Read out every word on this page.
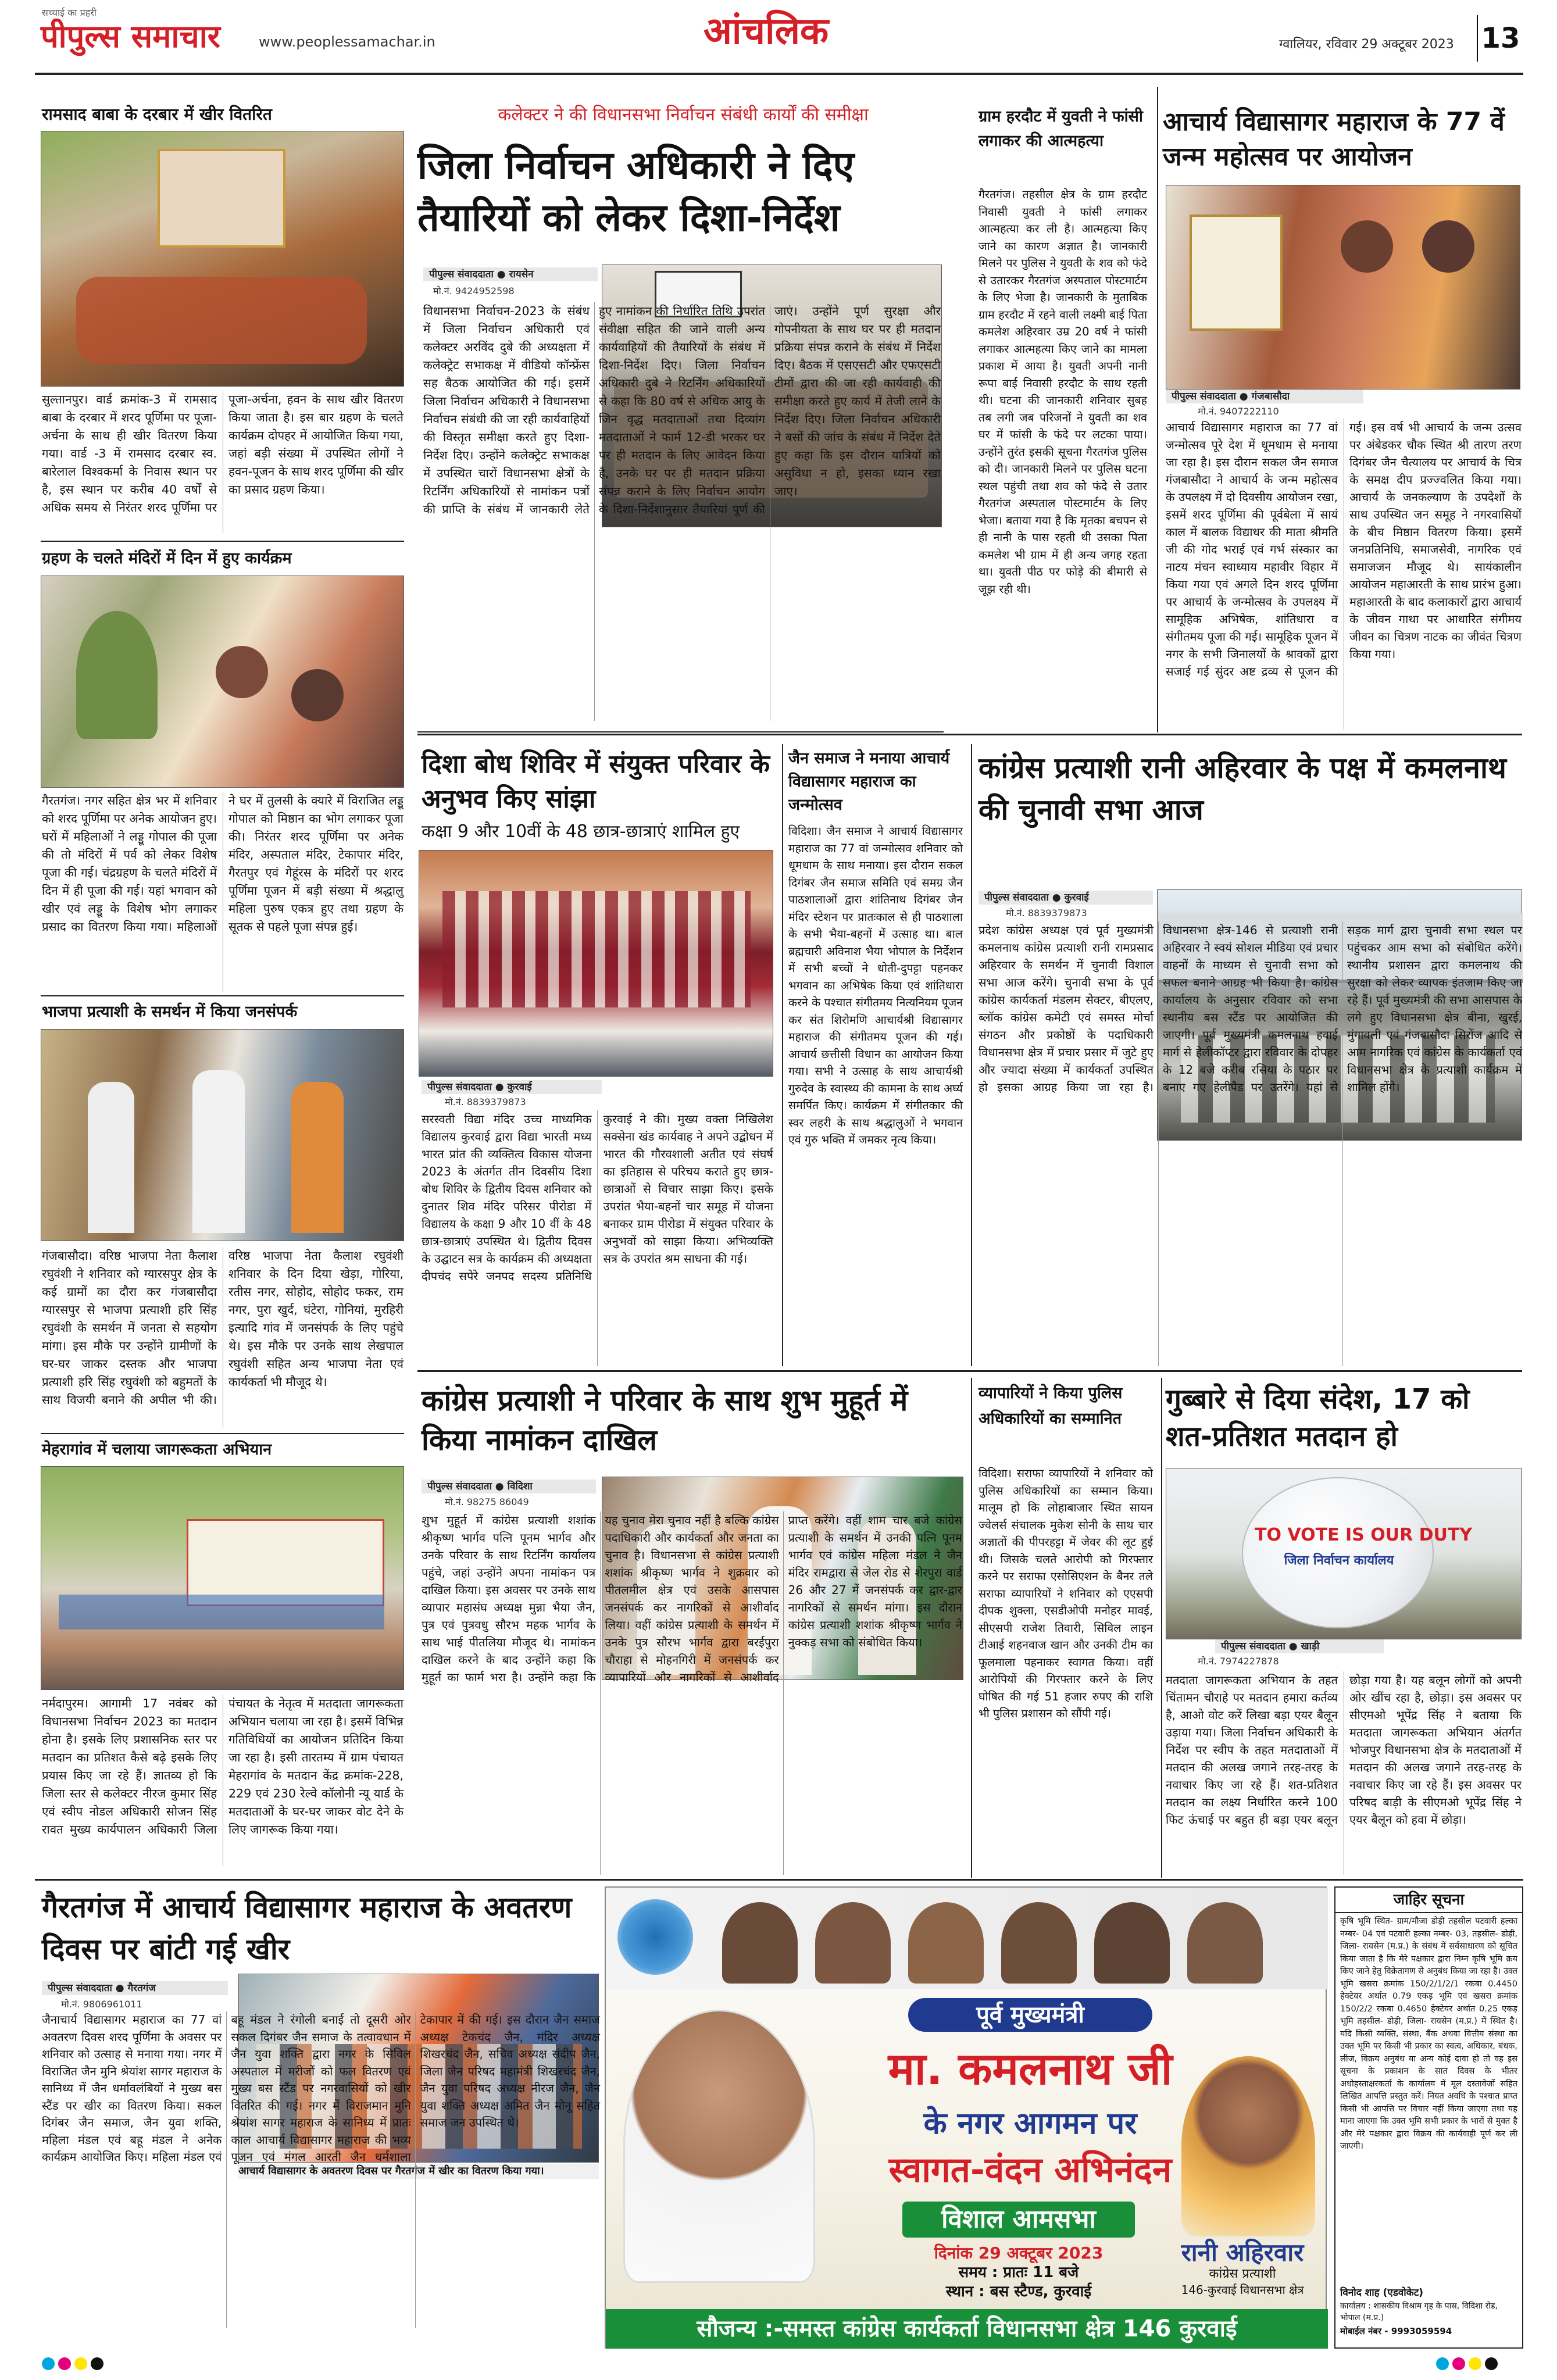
सच्चाई का प्रहरी
पीपुल्स समाचार	www.peoplessamachar.in	आंचलिक	ग्वालियर, रविवार 29 अक्टूबर 2023 13
रामसाद बाबा के दरबार में खीर वितरित
सुल्तानपुर। वार्ड क्रमांक-3 में रामसाद बाबा के दरबार में शरद पूर्णिमा पर पूजा-अर्चना के साथ ही खीर वितरण किया गया। वार्ड -3 में रामसाद दरबार स्व. बारेलाल विश्वकर्मा के निवास स्थान पर है, इस स्थान पर करीब 40 वर्षों से अधिक समय से निरंतर शरद पूर्णिमा पर पूजा-अर्चना, हवन के साथ खीर वितरण किया जाता है। इस बार ग्रहण के चलते कार्यक्रम दोपहर में आयोजित किया गया, जहां बड़ी संख्या में उपस्थित लोगों ने हवन-पूजन के साथ शरद पूर्णिमा की खीर का प्रसाद ग्रहण किया।
ग्रहण के चलते मंदिरों में दिन में हुए कार्यक्रम
गैरतगंज। नगर सहित क्षेत्र भर में शनिवार को शरद पूर्णिमा पर अनेक आयोजन हुए। घरों में महिलाओं ने लड्डू गोपाल की पूजा की तो मंदिरों में पर्व को लेकर विशेष पूजा की गई। चंद्रग्रहण के चलते मंदिरों में दिन में ही पूजा की गई। यहां भगवान को खीर एवं लड्डू के विशेष भोग लगाकर प्रसाद का वितरण किया गया। महिलाओं ने घर में तुलसी के क्यारे में विराजित लड्डू गोपाल को मिष्ठान का भोग लगाकर पूजा की। निरंतर शरद पूर्णिमा पर अनेक मंदिर, अस्पताल मंदिर, टेकापार मंदिर, गैरतपुर एवं गेहूंरस के मंदिरों पर शरद पूर्णिमा पूजन में बड़ी संख्या में श्रद्धालु महिला पुरुष एकत्र हुए तथा ग्रहण के सूतक से पहले पूजा संपन्न हुई।
भाजपा प्रत्याशी के समर्थन में किया जनसंपर्क
गंजबासौदा। वरिष्ठ भाजपा नेता कैलाश रघुवंशी ने शनिवार को ग्यारसपुर क्षेत्र के कई ग्रामों का दौरा कर गंजबासौदा ग्यारसपुर से भाजपा प्रत्याशी हरि सिंह रघुवंशी के समर्थन में जनता से सहयोग मांगा। इस मौके पर उन्होंने ग्रामीणों के घर-घर जाकर दस्तक और भाजपा प्रत्याशी हरि सिंह रघुवंशी को बहुमतों के साथ विजयी बनाने की अपील भी की। वरिष्ठ भाजपा नेता कैलाश रघुवंशी शनिवार के दिन दिया खेड़ा, गोरिया, रतीस नगर, सोहोद, सोहोद फकर, राम नगर, पुरा खुर्द, घंटेरा, गोनियां, मुरहिरी इत्यादि गांव में जनसंपर्क के लिए पहुंचे थे। इस मौके पर उनके साथ लेखपाल रघुवंशी सहित अन्य भाजपा नेता एवं कार्यकर्ता भी मौजूद थे।
मेहरागांव में चलाया जागरूकता अभियान
नर्मदापुरम। आगामी 17 नवंबर को विधानसभा निर्वाचन 2023 का मतदान होना है। इसके लिए प्रशासनिक स्तर पर मतदान का प्रतिशत कैसे बढ़े इसके लिए प्रयास किए जा रहे हैं। ज्ञातव्य हो कि जिला स्तर से कलेक्टर नीरज कुमार सिंह एवं स्वीप नोडल अधिकारी सोजन सिंह रावत मुख्य कार्यपालन अधिकारी जिला पंचायत के नेतृत्व में मतदाता जागरूकता अभियान चलाया जा रहा है। इसमें विभिन्न गतिविधियों का आयोजन प्रतिदिन किया जा रहा है। इसी तारतम्य में ग्राम पंचायत मेहरागांव के मतदान केंद्र क्रमांक-228, 229 एवं 230 रेल्वे कॉलोनी न्यू यार्ड के मतदाताओं के घर-घर जाकर वोट देने के लिए जागरूक किया गया।
कलेक्टर ने की विधानसभा निर्वाचन संबंधी कार्यों की समीक्षा
जिला निर्वाचन अधिकारी ने दिए तैयारियों को लेकर दिशा-निर्देश
पीपुल्स संवाददाता ● रायसेन
मो.नं. 9424952598
विधानसभा निर्वाचन-2023 के संबंध में जिला निर्वाचन अधिकारी एवं कलेक्टर अरविंद दुबे की अध्यक्षता में कलेक्ट्रेट सभाकक्ष में वीडियो कॉन्फ्रेंस सह बैठक आयोजित की गई। इसमें जिला निर्वाचन अधिकारी ने विधानसभा निर्वाचन संबंधी की जा रही कार्यवाहियों की विस्तृत समीक्षा करते हुए दिशा-निर्देश दिए। उन्होंने कलेक्ट्रेट सभाकक्ष में उपस्थित चारों विधानसभा क्षेत्रों के रिटर्निंग अधिकारियों से नामांकन पत्रों की प्राप्ति के संबंध में जानकारी लेते हुए नामांकन की निर्धारित तिथि उपरांत संवीक्षा सहित की जाने वाली अन्य कार्यवाहियों की तैयारियों के संबंध में दिशा-निर्देश दिए। जिला निर्वाचन अधिकारी दुबे ने रिटर्निंग अधिकारियों से कहा कि 80 वर्ष से अधिक आयु के जिन वृद्ध मतदाताओं तथा दिव्यांग मतदाताओं ने फार्म 12-डी भरकर घर पर ही मतदान के लिए आवेदन किया है, उनके घर पर ही मतदान प्रक्रिया संपन्न कराने के लिए निर्वाचन आयोग के दिशा-निर्देशानुसार तैयारियां पूर्ण की जाएं। उन्होंने पूर्ण सुरक्षा और गोपनीयता के साथ घर पर ही मतदान प्रक्रिया संपन्न कराने के संबंध में निर्देश दिए। बैठक में एसएसटी और एफएसटी टीमों द्वारा की जा रही कार्यवाही की समीक्षा करते हुए कार्य में तेजी लाने के निर्देश दिए। जिला निर्वाचन अधिकारी ने बसों की जांच के संबंध में निर्देश देते हुए कहा कि इस दौरान यात्रियों को असुविधा न हो, इसका ध्यान रखा जाए।
ग्राम हरदौट में युवती ने फांसी लगाकर की आत्महत्या
गैरतगंज। तहसील क्षेत्र के ग्राम हरदौट निवासी युवती ने फांसी लगाकर आत्महत्या कर ली है। आत्महत्या किए जाने का कारण अज्ञात है। जानकारी मिलने पर पुलिस ने युवती के शव को फंदे से उतारकर गैरतगंज अस्पताल पोस्टमार्टम के लिए भेजा है। जानकारी के मुताबिक ग्राम हरदौट में रहने वाली लक्ष्मी बाई पिता कमलेश अहिरवार उम्र 20 वर्ष ने फांसी लगाकर आत्महत्या किए जाने का मामला प्रकाश में आया है। युवती अपनी नानी रूपा बाई निवासी हरदौट के साथ रहती थी। घटना की जानकारी शनिवार सुबह तब लगी जब परिजनों ने युवती का शव घर में फांसी के फंदे पर लटका पाया। उन्होंने तुरंत इसकी सूचना गैरतगंज पुलिस को दी। जानकारी मिलने पर पुलिस घटना स्थल पहुंची तथा शव को फंदे से उतार गैरतगंज अस्पताल पोस्टमार्टम के लिए भेजा। बताया गया है कि मृतका बचपन से ही नानी के पास रहती थी उसका पिता कमलेश भी ग्राम में ही अन्य जगह रहता था। युवती पीठ पर फोड़े की बीमारी से जूझ रही थी।
आचार्य विद्यासागर महाराज के 77 वें जन्म महोत्सव पर आयोजन
पीपुल्स संवाददाता ● गंजबासौदा
मो.नं. 9407222110
आचार्य विद्यासागर महाराज का 77 वां जन्मोत्सव पूरे देश में धूमधाम से मनाया जा रहा है। इस दौरान सकल जैन समाज गंजबासौदा ने आचार्य के जन्म महोत्सव के उपलक्ष्य में दो दिवसीय आयोजन रखा, इसमें शरद पूर्णिमा की पूर्वबेला में सायं काल में बालक विद्याधर की माता श्रीमति जी की गोद भराई एवं गर्भ संस्कार का नाटय मंचन स्वाध्याय महावीर विहार में किया गया एवं अगले दिन शरद पूर्णिमा पर आचार्य के जन्मोत्सव के उपलक्ष्य में सामूहिक अभिषेक, शांतिधारा व संगीतमय पूजा की गई। सामूहिक पूजन में नगर के सभी जिनालयों के श्रावकों द्वारा सजाई गई सुंदर अष्ट द्रव्य से पूजन की गई। इस वर्ष भी आचार्य के जन्म उत्सव पर अंबेडकर चौक स्थित श्री तारण तरण दिगंबर जैन चैत्यालय पर आचार्य के चित्र के समक्ष दीप प्रज्ज्वलित किया गया। आचार्य के जनकल्याण के उपदेशों के साथ उपस्थित जन समूह ने नगरवासियों के बीच मिष्ठान वितरण किया। इसमें जनप्रतिनिधि, समाजसेवी, नागरिक एवं समाजजन मौजूद थे। सायंकालीन आयोजन महाआरती के साथ प्रारंभ हुआ। महाआरती के बाद कलाकारों द्वारा आचार्य के जीवन गाथा पर आधारित संगीमय जीवन का चित्रण नाटक का जीवंत चित्रण किया गया।
दिशा बोध शिविर में संयुक्त परिवार के अनुभव किए सांझा
कक्षा 9 और 10वीं के 48 छात्र-छात्राएं शामिल हुए
पीपुल्स संवाददाता ● कुरवाई
मो.नं. 8839379873
सरस्वती विद्या मंदिर उच्च माध्यमिक विद्यालय कुरवाई द्वारा विद्या भारती मध्य भारत प्रांत की व्यक्तित्व विकास योजना 2023 के अंतर्गत तीन दिवसीय दिशा बोध शिविर के द्वितीय दिवस शनिवार को दुनातर शिव मंदिर परिसर पीरोडा में विद्यालय के कक्षा 9 और 10 वीं के 48 छात्र-छात्राएं उपस्थित थे। द्वितीय दिवस के उद्घाटन सत्र के कार्यक्रम की अध्यक्षता दीपचंद सपेरे जनपद सदस्य प्रतिनिधि कुरवाई ने की। मुख्य वक्ता निखिलेश सक्सेना खंड कार्यवाह ने अपने उद्बोधन में भारत की गौरवशाली अतीत एवं संघर्ष का इतिहास से परिचय कराते हुए छात्र-छात्राओं से विचार साझा किए। इसके उपरांत भैया-बहनों चार समूह में योजना बनाकर ग्राम पीरोडा में संयुक्त परिवार के अनुभवों को साझा किया। अभिव्यक्ति सत्र के उपरांत श्रम साधना की गई।
जैन समाज ने मनाया आचार्य विद्यासागर महाराज का जन्मोत्सव
विदिशा। जैन समाज ने आचार्य विद्यासागर महाराज का 77 वां जन्मोत्सव शनिवार को धूमधाम के साथ मनाया। इस दौरान सकल दिगंबर जैन समाज समिति एवं समग्र जैन पाठशालाओं द्वारा शांतिनाथ दिगंबर जैन मंदिर स्टेशन पर प्रातःकाल से ही पाठशाला के सभी भैया-बहनों में उत्साह था। बाल ब्रह्मचारी अविनाश भैया भोपाल के निर्देशन में सभी बच्चों ने धोती-दुपट्टा पहनकर भगवान का अभिषेक किया एवं शांतिधारा करने के पश्चात संगीतमय नित्यनियम पूजन कर संत शिरोमणि आचार्यश्री विद्यासागर महाराज की संगीतमय पूजन की गई। आचार्य छत्तीसी विधान का आयोजन किया गया। सभी ने उत्साह के साथ आचार्यश्री गुरुदेव के स्वास्थ्य की कामना के साथ अर्घ्य समर्पित किए। कार्यक्रम में संगीतकार की स्वर लहरी के साथ श्रद्धालुओं ने भगवान एवं गुरु भक्ति में जमकर नृत्य किया।
कांग्रेस प्रत्याशी रानी अहिरवार के पक्ष में कमलनाथ की चुनावी सभा आज
पीपुल्स संवाददाता ● कुरवाई
मो.नं. 8839379873
प्रदेश कांग्रेस अध्यक्ष एवं पूर्व मुख्यमंत्री कमलनाथ कांग्रेस प्रत्याशी रानी रामप्रसाद अहिरवार के समर्थन में चुनावी विशाल सभा आज करेंगे। चुनावी सभा के पूर्व कांग्रेस कार्यकर्ता मंडलम सेक्टर, बीएलए, ब्लॉक कांग्रेस कमेटी एवं समस्त मोर्चा संगठन और प्रकोष्ठों के पदाधिकारी विधानसभा क्षेत्र में प्रचार प्रसार में जुटे हुए और ज्यादा संख्या में कार्यकर्ता उपस्थित हो इसका आग्रह किया जा रहा है। विधानसभा क्षेत्र-146 से प्रत्याशी रानी अहिरवार ने स्वयं सोशल मीडिया एवं प्रचार वाहनों के माध्यम से चुनावी सभा को सफल बनाने आग्रह भी किया है। कांग्रेस कार्यालय के अनुसार रविवार को सभा स्थानीय बस स्टैंड पर आयोजित की जाएगी। पूर्व मुख्यमंत्री कमलनाथ हवाई मार्ग से हेलीकॉप्टर द्वारा रविवार के दोपहर के 12 बजे करीब रसिया के पठार पर बनाए गए हेलीपैड पर उतरेंगे। यहां से सड़क मार्ग द्वारा चुनावी सभा स्थल पर पहुंचकर आम सभा को संबोधित करेंगे। स्थानीय प्रशासन द्वारा कमलनाथ की सुरक्षा को लेकर व्यापक इंतजाम किए जा रहे हैं। पूर्व मुख्यमंत्री की सभा आसपास के लगे हुए विधानसभा क्षेत्र बीना, खुरई, मुंगावली एवं गंजबासौदा सिरोंज आदि से आम नागरिक एवं कांग्रेस के कार्यकर्ता एवं विधानसभा क्षेत्र के प्रत्याशी कार्यक्रम में शामिल होंगे।
कांग्रेस प्रत्याशी ने परिवार के साथ शुभ मुहूर्त में किया नामांकन दाखिल
पीपुल्स संवाददाता ● विदिशा
मो.नं. 98275 86049
शुभ मुहूर्त में कांग्रेस प्रत्याशी शशांक श्रीकृष्ण भार्गव पत्नि पूनम भार्गव और उनके परिवार के साथ रिटर्निंग कार्यालय पहुंचे, जहां उन्होंने अपना नामांकन पत्र दाखिल किया। इस अवसर पर उनके साथ व्यापार महासंघ अध्यक्ष मुन्ना भैया जैन, पुत्र एवं पुत्रवधु सौरभ महक भार्गव के साथ भाई पीतलिया मौजूद थे। नामांकन दाखिल करने के बाद उन्होंने कहा कि मुहूर्त का फार्म भरा है। उन्होंने कहा कि यह चुनाव मेरा चुनाव नहीं है बल्कि कांग्रेस पदाधिकारी और कार्यकर्ता और जनता का चुनाव है। विधानसभा से कांग्रेस प्रत्याशी शशांक श्रीकृष्ण भार्गव ने शुक्रवार को पीतलमील क्षेत्र एवं उसके आसपास जनसंपर्क कर नागरिकों से आशीर्वाद लिया। वहीं कांग्रेस प्रत्याशी के समर्थन में उनके पुत्र सौरभ भार्गव द्वारा बरईपुरा चौराहा से मोहनगिरी में जनसंपर्क कर व्यापारियों और नागरिकों से आशीर्वाद प्राप्त करेंगे। वहीं शाम चार बजे कांग्रेस प्रत्याशी के समर्थन में उनकी पत्नि पूनम भार्गव एवं कांग्रेस महिला मंडल ने जैन मंदिर रामद्वारा से जेल रोड से शेरपुरा वार्ड 26 और 27 में जनसंपर्क कर द्वार-द्वार नागरिकों से समर्थन मांगा। इस दौरान कांग्रेस प्रत्याशी शशांक श्रीकृष्ण भार्गव ने नुक्कड़ सभा को संबोधित किया।
व्यापारियों ने किया पुलिस अधिकारियों का सम्मानित
विदिशा। सराफा व्यापारियों ने शनिवार को पुलिस अधिकारियों का सम्मान किया। मालूम हो कि लोहाबाजार स्थित सायन ज्वेलर्स संचालक मुकेश सोनी के साथ चार अज्ञातों की पीपरहट्टा में जेवर की लूट हुई थी। जिसके चलते आरोपी को गिरफ्तार करने पर सराफा एसोसिएशन के बैनर तले सराफा व्यापारियों ने शनिवार को एएसपी दीपक शुक्ला, एसडीओपी मनोहर मावई, सीएसपी राजेश तिवारी, सिविल लाइन टीआई शहनवाज खान और उनकी टीम का फूलमाला पहनाकर स्वागत किया। वहीं आरोपियों की गिरफ्तार करने के लिए घोषित की गई 51 हजार रुपए की राशि भी पुलिस प्रशासन को सौंपी गई।
गुब्बारे से दिया संदेश, 17 को शत-प्रतिशत मतदान हो
TO VOTE IS OUR DUTY
जिला निर्वाचन कार्यालय
पीपुल्स संवाददाता ● खाड़ी
मो.नं. 7974227878
मतदाता जागरूकता अभियान के तहत चिंतामन चौराहे पर मतदान हमारा कर्तव्य है, आओ वोट करें लिखा बड़ा एयर बैलून उड़ाया गया। जिला निर्वाचन अधिकारी के निर्देश पर स्वीप के तहत मतदाताओं में मतदान की अलख जगाने तरह-तरह के नवाचार किए जा रहे हैं। शत-प्रतिशत मतदान का लक्ष्य निर्धारित करने 100 फिट ऊंचाई पर बहुत ही बड़ा एयर बलून छोड़ा गया है। यह बलून लोगों को अपनी ओर खींच रहा है, छोड़ा। इस अवसर पर सीएमओ भूपेंद्र सिंह ने बताया कि मतदाता जागरूकता अभियान अंतर्गत भोजपुर विधानसभा क्षेत्र के मतदाताओं में मतदान की अलख जगाने तरह-तरह के नवाचार किए जा रहे हैं। इस अवसर पर परिषद बाड़ी के सीएमओ भूपेंद्र सिंह ने एयर बैलून को हवा में छोड़ा।
गैरतगंज में आचार्य विद्यासागर महाराज के अवतरण दिवस पर बांटी गई खीर
पीपुल्स संवाददाता ● गैरतगंज
मो.नं. 9806961011
आचार्य विद्यासागर के अवतरण दिवस पर गैरतगंज में खीर का वितरण किया गया।
जैनाचार्य विद्यासागर महाराज का 77 वां अवतरण दिवस शरद पूर्णिमा के अवसर पर शनिवार को उत्साह से मनाया गया। नगर में विराजित जैन मुनि श्रेयांश सागर महाराज के सानिध्य में जैन धर्मावलंबियों ने मुख्य बस स्टैंड पर खीर का वितरण किया। सकल दिगंबर जैन समाज, जैन युवा शक्ति, महिला मंडल एवं बहू मंडल ने अनेक कार्यक्रम आयोजित किए। महिला मंडल एवं बहू मंडल ने रंगोली बनाई तो दूसरी ओर सकल दिगंबर जैन समाज के तत्वावधान में जैन युवा शक्ति द्वारा नगर के सिविल अस्पताल में मरीजों को फल वितरण एवं मुख्य बस स्टैंड पर नगरवासियों को खीर वितरित की गई। नगर में विराजमान मुनि श्रेयांश सागर महाराज के सानिध्य में प्रातः काल आचार्य विद्यासागर महाराज की भव्य पूजन एवं मंगल आरती जैन धर्मशाला टेकापार में की गई। इस दौरान जैन समाज अध्यक्ष टेकचंद जैन, मंदिर अध्यक्ष शिखरचंद जैन, सचिव अध्यक्ष संदीप जैन, जिला जैन परिषद महामंत्री शिखरचंद जैन, जैन युवा परिषद अध्यक्ष नीरज जैन, जैन युवा शक्ति अध्यक्ष अमित जैन मोनू सहित समाज जन उपस्थित थे।
पूर्व मुख्यमंत्री
मा. कमलनाथ जी
के नगर आगमन पर
स्वागत-वंदन अभिनंदन
विशाल आमसभा
दिनांक 29 अक्टूबर 2023
समय : प्रातः 11 बजे
स्थान : बस स्टैण्ड, कुरवाई
रानी अहिरवार
कांग्रेस प्रत्याशी
146-कुरवाई विधानसभा क्षेत्र
सौजन्य :-समस्त कांग्रेस कार्यकर्ता विधानसभा क्षेत्र 146 कुरवाई
जाहिर सूचना
कृषि भूमि स्थित- ग्राम/मौजा डोड़ी तहसील पटवारी हल्का नम्बर- 04 एवं पटवारी हल्का नम्बर- 03, तहसील- डोड़ी, जिला- रायसेन (म.प्र.) के संबंध में सर्वसाधारण को सूचित किया जाता है कि मेरे पक्षकार द्वारा निम्न कृषि भूमि क्रय किए जाने हेतु विक्रेतागण से अनुबंध किया जा रहा है। उक्त भूमि खसरा क्रमांक 150/2/1/2/1 रकबा 0.4450 हेक्टेयर अर्थात 0.79 एकड़ भूमि एवं खसरा क्रमांक 150/2/2 रकबा 0.4650 हेक्टेयर अर्थात 0.25 एकड़ भूमि तहसील- डोड़ी, जिला- रायसेन (म.प्र.) में स्थित है। यदि किसी व्यक्ति, संस्था, बैंक अथवा वित्तीय संस्था का उक्त भूमि पर किसी भी प्रकार का स्वत्व, अधिकार, बंधक, लीज, विक्रय अनुबंध या अन्य कोई दावा हो तो वह इस सूचना के प्रकाशन के सात दिवस के भीतर अधोहस्ताक्षरकर्ता के कार्यालय में मूल दस्तावेजों सहित लिखित आपत्ति प्रस्तुत करें। नियत अवधि के पश्चात प्राप्त किसी भी आपत्ति पर विचार नहीं किया जाएगा तथा यह माना जाएगा कि उक्त भूमि सभी प्रकार के भारों से मुक्त है और मेरे पक्षकार द्वारा विक्रय की कार्यवाही पूर्ण कर ली जाएगी।
विनोद शाह (एडवोकेट)
कार्यालय : शासकीय विश्राम गृह के पास, विदिशा रोड, भोपाल (म.प्र.)
मोबाईल नंबर - 9993059594
